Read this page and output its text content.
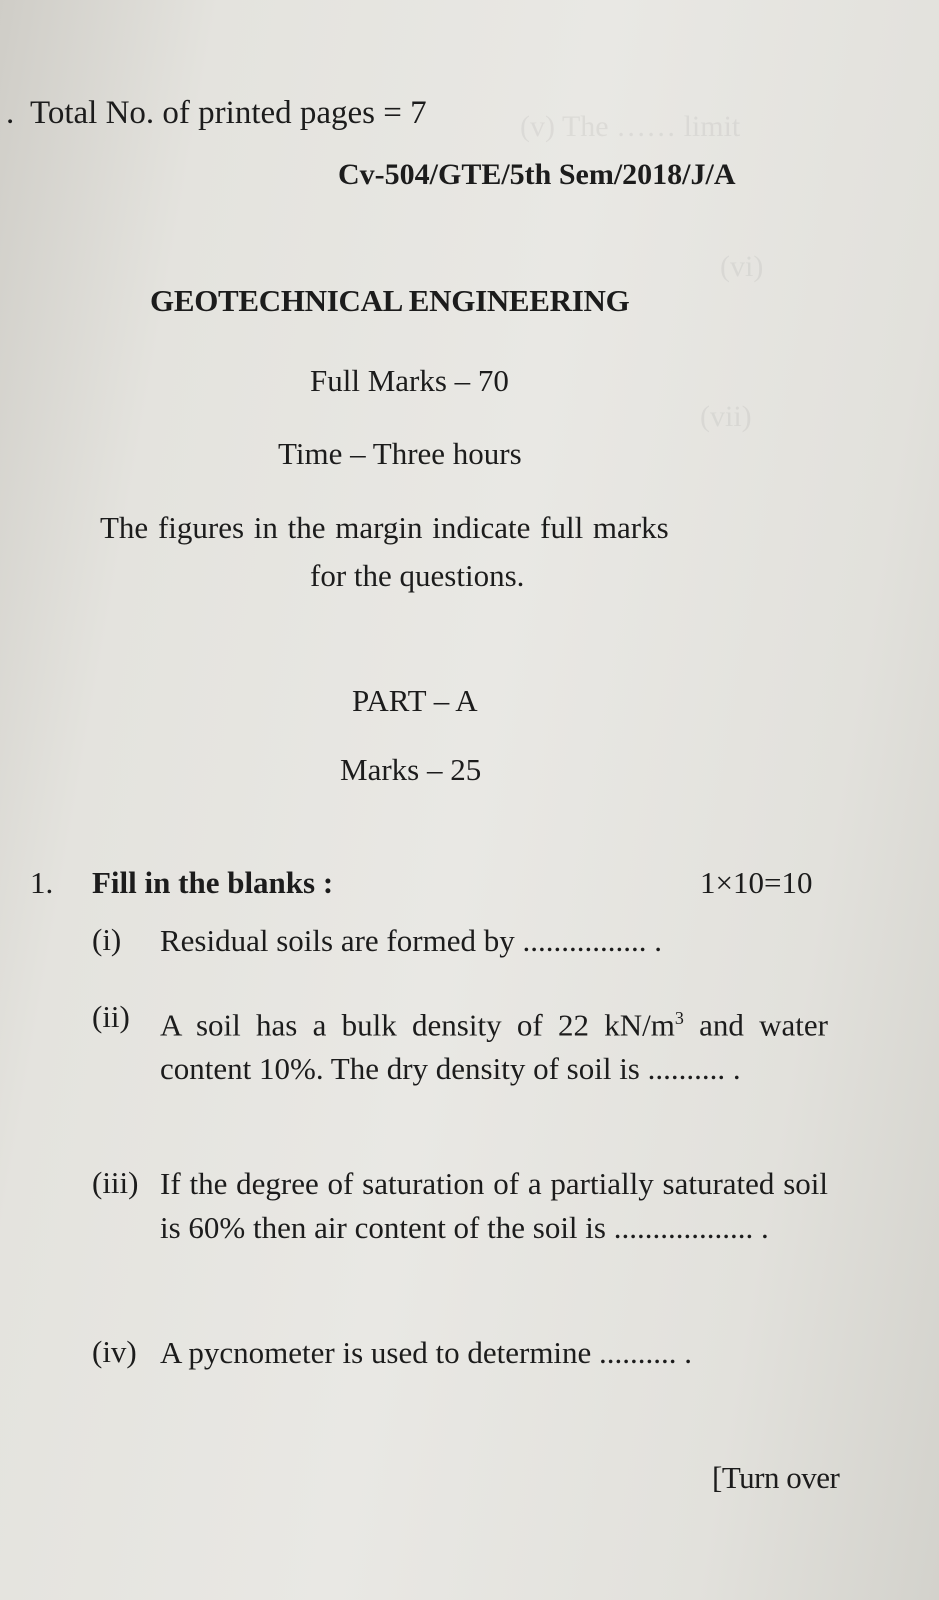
(v) The …… limit
(vi)
(vii)
. Total No. of printed pages = 7
Cv-504/GTE/5th Sem/2018/J/A
GEOTECHNICAL ENGINEERING
Full Marks – 70
Time – Three hours
The figures in the margin indicate full marks
for the questions.
PART – A
Marks – 25
1. Fill in the blanks :	1×10=10
(i) Residual soils are formed by ................ .
(ii) A soil has a bulk density of 22 $kN/m^3$ and water content 10%. The dry density of soil is .......... .
(iii) If the degree of saturation of a partially saturated soil is 60% then air content of the soil is .................. .
(iv) A pycnometer is used to determine .......... .
[Turn over
